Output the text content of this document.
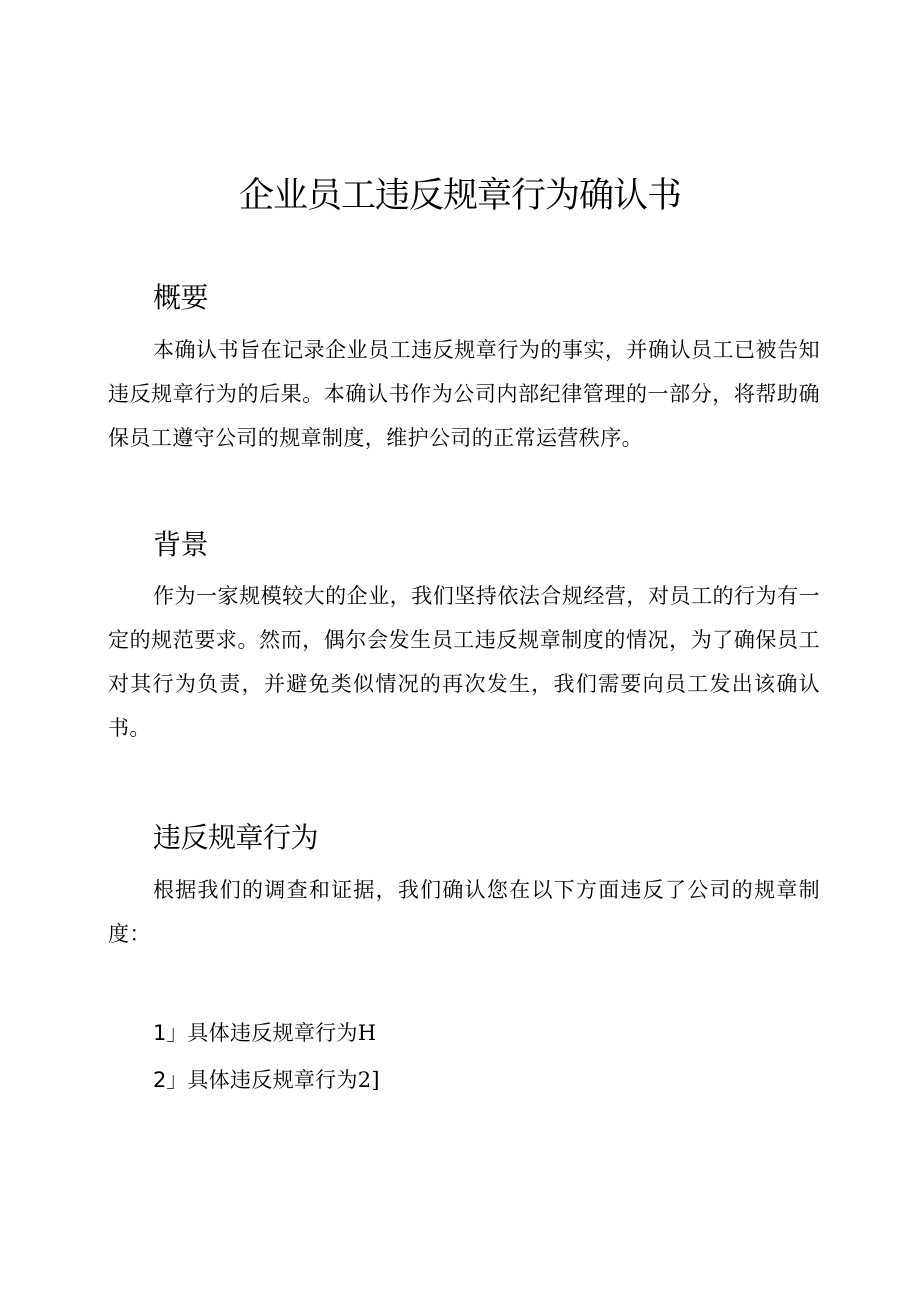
企业员工违反规章行为确认书
概要

本确认书旨在记录企业员工违反规章行为的事实，并确认员工已被告知违反规章行为的后果。本确认书作为公司内部纪律管理的一部分，将帮助确保员工遵守公司的规章制度，维护公司的正常运营秩序。

背景

作为一家规模较大的企业，我们坚持依法合规经营，对员工的行为有一定的规范要求。然而，偶尔会发生员工违反规章制度的情况，为了确保员工对其行为负责，并避免类似情况的再次发生，我们需要向员工发出该确认书。

违反规章行为

根据我们的调查和证据，我们确认您在以下方面违反了公司的规章制度：

1」具体违反规章行为H
2」具体违反规章行为2]
